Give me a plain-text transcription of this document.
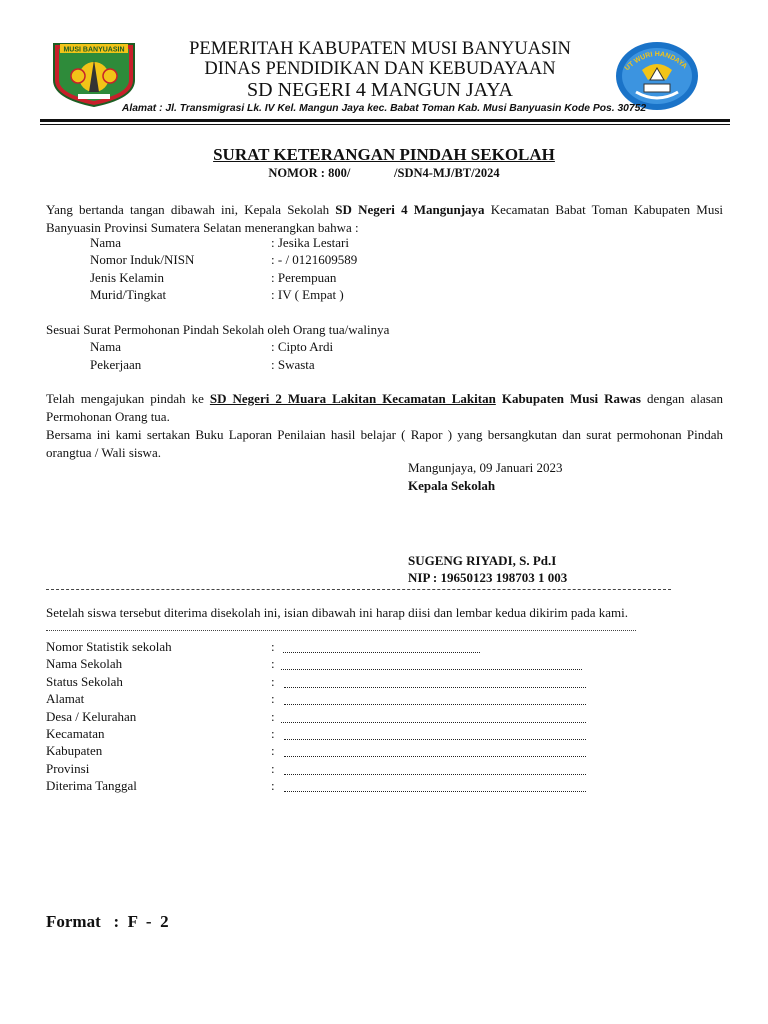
MUSI BANYUASIN
UT WURI HANDAYA
PEMERITAH KABUPATEN MUSI BANYUASIN
DINAS PENDIDIKAN DAN KEBUDAYAAN
SD NEGERI 4 MANGUN JAYA
Alamat : Jl. Transmigrasi Lk. IV Kel. Mangun Jaya kec. Babat Toman Kab. Musi Banyuasin Kode Pos. 30752
SURAT KETERANGAN PINDAH SEKOLAH
NOMOR : 800/              /SDN4-MJ/BT/2024
Yang bertanda tangan dibawah ini, Kepala Sekolah SD Negeri 4 Mangunjaya Kecamatan Babat Toman Kabupaten Musi Banyuasin Provinsi Sumatera Selatan menerangkan bahwa :
Nama	: Jesika Lestari
Nomor Induk/NISN	: - / 0121609589
Jenis Kelamin	: Perempuan
Murid/Tingkat	: IV ( Empat )
Sesuai Surat Permohonan Pindah Sekolah oleh Orang tua/walinya
Nama	: Cipto Ardi
Pekerjaan	: Swasta
Telah mengajukan pindah ke SD Negeri 2 Muara Lakitan Kecamatan Lakitan Kabupaten Musi Rawas dengan alasan Permohonan Orang tua.
Bersama ini kami sertakan Buku Laporan Penilaian hasil belajar ( Rapor ) yang bersangkutan dan surat permohonan Pindah orangtua / Wali siswa.
Mangunjaya, 09 Januari 2023
Kepala Sekolah
SUGENG RIYADI, S. Pd.I
NIP : 19650123 198703 1 003
Setelah siswa tersebut diterima disekolah ini, isian dibawah ini harap diisi dan lembar kedua dikirim pada kami.
Nomor Statistik sekolah	:
Nama Sekolah	:
Status Sekolah	:
Alamat	:
Desa / Kelurahan	:
Kecamatan	:
Kabupaten	:
Provinsi	:
Diterima Tanggal	:
Format   :  F  -  2
